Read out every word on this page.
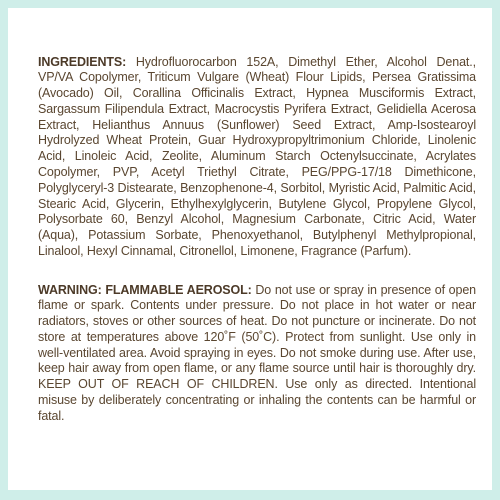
INGREDIENTS: Hydrofluorocarbon 152A, Dimethyl Ether, Alcohol Denat., VP/VA Copolymer, Triticum Vulgare (Wheat) Flour Lipids, Persea Gratissima (Avocado) Oil, Corallina Officinalis Extract, Hypnea Musciformis Extract, Sargassum Filipendula Extract, Macrocystis Pyrifera Extract, Gelidiella Acerosa Extract, Helianthus Annuus (Sunflower) Seed Extract, Amp-Isostearoyl Hydrolyzed Wheat Protein, Guar Hydroxypropyltrimonium Chloride, Linolenic Acid, Linoleic Acid, Zeolite, Aluminum Starch Octenylsuccinate, Acrylates Copolymer, PVP, Acetyl Triethyl Citrate, PEG/PPG-17/18 Dimethicone, Polyglyceryl-3 Distearate, Benzophenone-4, Sorbitol, Myristic Acid, Palmitic Acid, Stearic Acid, Glycerin, Ethylhexylglycerin, Butylene Glycol, Propylene Glycol, Polysorbate 60, Benzyl Alcohol, Magnesium Carbonate, Citric Acid, Water (Aqua), Potassium Sorbate, Phenoxyethanol, Butylphenyl Methylpropional, Linalool, Hexyl Cinnamal, Citronellol, Limonene, Fragrance (Parfum).

WARNING: FLAMMABLE AEROSOL: Do not use or spray in presence of open flame or spark. Contents under pressure. Do not place in hot water or near radiators, stoves or other sources of heat. Do not puncture or incinerate. Do not store at temperatures above 120˚F (50˚C). Protect from sunlight. Use only in well-ventilated area. Avoid spraying in eyes. Do not smoke during use. After use, keep hair away from open flame, or any flame source until hair is thoroughly dry. KEEP OUT OF REACH OF CHILDREN. Use only as directed. Intentional misuse by deliberately concentrating or inhaling the contents can be harmful or fatal.
